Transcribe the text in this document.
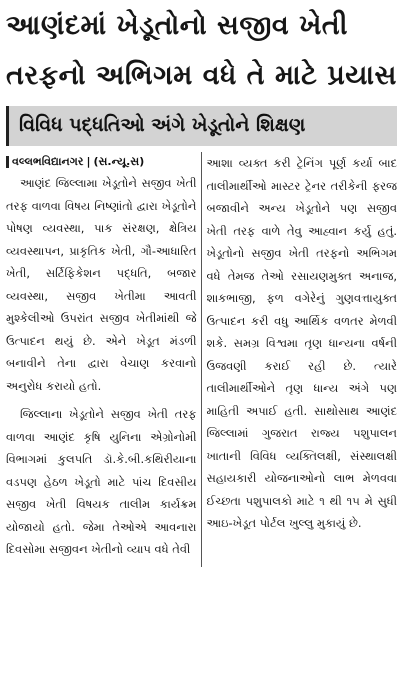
આણંદમાં ખેડૂતોનો સજીવ ખેતી
તરફનો અભિગમ વધે તે માટે પ્રયાસ
વિવિધ પદ્ધતિઓ અંગે ખેડૂતોને શિક્ષણ
વલ્લભવિદ્યાનગર | (સ.ન્યૂ.સ)

આણંદ જિલ્લામા ખેડૂતોને સજીવ ખેતી તરફ વાળવા વિષય નિષ્ણાંતો દ્વારા ખેડૂતોને પોષણ વ્યવસ્થા, પાક સંરક્ષણ, ક્ષેત્રિય વ્યવસ્થાપન, પ્રાકૃતિક ખેતી, ગૌ-આધારિત ખેતી, સર્ટિફિકેશન પદ્ધતિ, બજાર વ્યવસ્થા, સજીવ ખેતીમા આવતી મુશ્કેલીઓ ઉપરાંત સજીવ ખેતીમાંથી જે ઉત્પાદન થયું છે. એને ખેડૂત મંડળી બનાવીને તેના દ્વારા વેચાણ કરવાનો અનુરોધ કરાયો હતો.

જિલ્લાના ખેડૂતોને સજીવ ખેતી તરફ વાળવા આણંદ કૃષિ યુનિના એગ્રોનોમી વિભાગમાં કુલપતિ ડૉ.કે.બી.કથિરીયાના વડપણ હેઠળ ખેડૂતો માટે પાંચ દિવસીય સજીવ ખેતી વિષયક તાલીમ કાર્યક્રમ યોજાયો હતો. જેમા તેઓએ આવનારા દિવસોમા સજીવન ખેતીનો વ્યાપ વધે તેવી

આશા વ્યક્ત કરી ટ્રેનિંગ પૂર્ણ કર્યા બાદ તાલીમાર્થીઓ માસ્ટર ટ્રેનર તરીકેની ફરજ બજાવીને અન્ય ખેડૂતોને પણ સજીવ ખેતી તરફ વાળે તેવુ આહ્વાન કર્યુ હતું. ખેડૂતોનો સજીવ ખેતી તરફનો અભિગમ વધે તેમજ તેઓ રસાયણમુક્ત અનાજ, શાકભાજી, ફળ વગેરેનું ગુણવત્તાયુક્ત ઉત્પાદન કરી વધુ આર્થિક વળતર મેળવી શકે. સમગ્ર વિશ્વમા તૃણ ધાન્યના વર્ષની ઉજવણી કરાઈ રહી છે. ત્યારે તાલીમાર્થીઓને તૃણ ધાન્ય અંગે પણ માહિતી અપાઈ હતી. સાથોસાથ આણંદ જિલ્લામાં ગુજરાત રાજ્ય પશુપાલન ખાતાની વિવિધ વ્યક્તિલક્ષી, સંસ્થાલક્ષી સહાયકારી યોજનાઓનો લાભ મેળવવા ઈચ્છતા પશુપાલકો માટે ૧ થી ૧૫ મે સુધી આઇ-ખેડૂત પોર્ટલ ખુલ્લુ મુકાયું છે.
